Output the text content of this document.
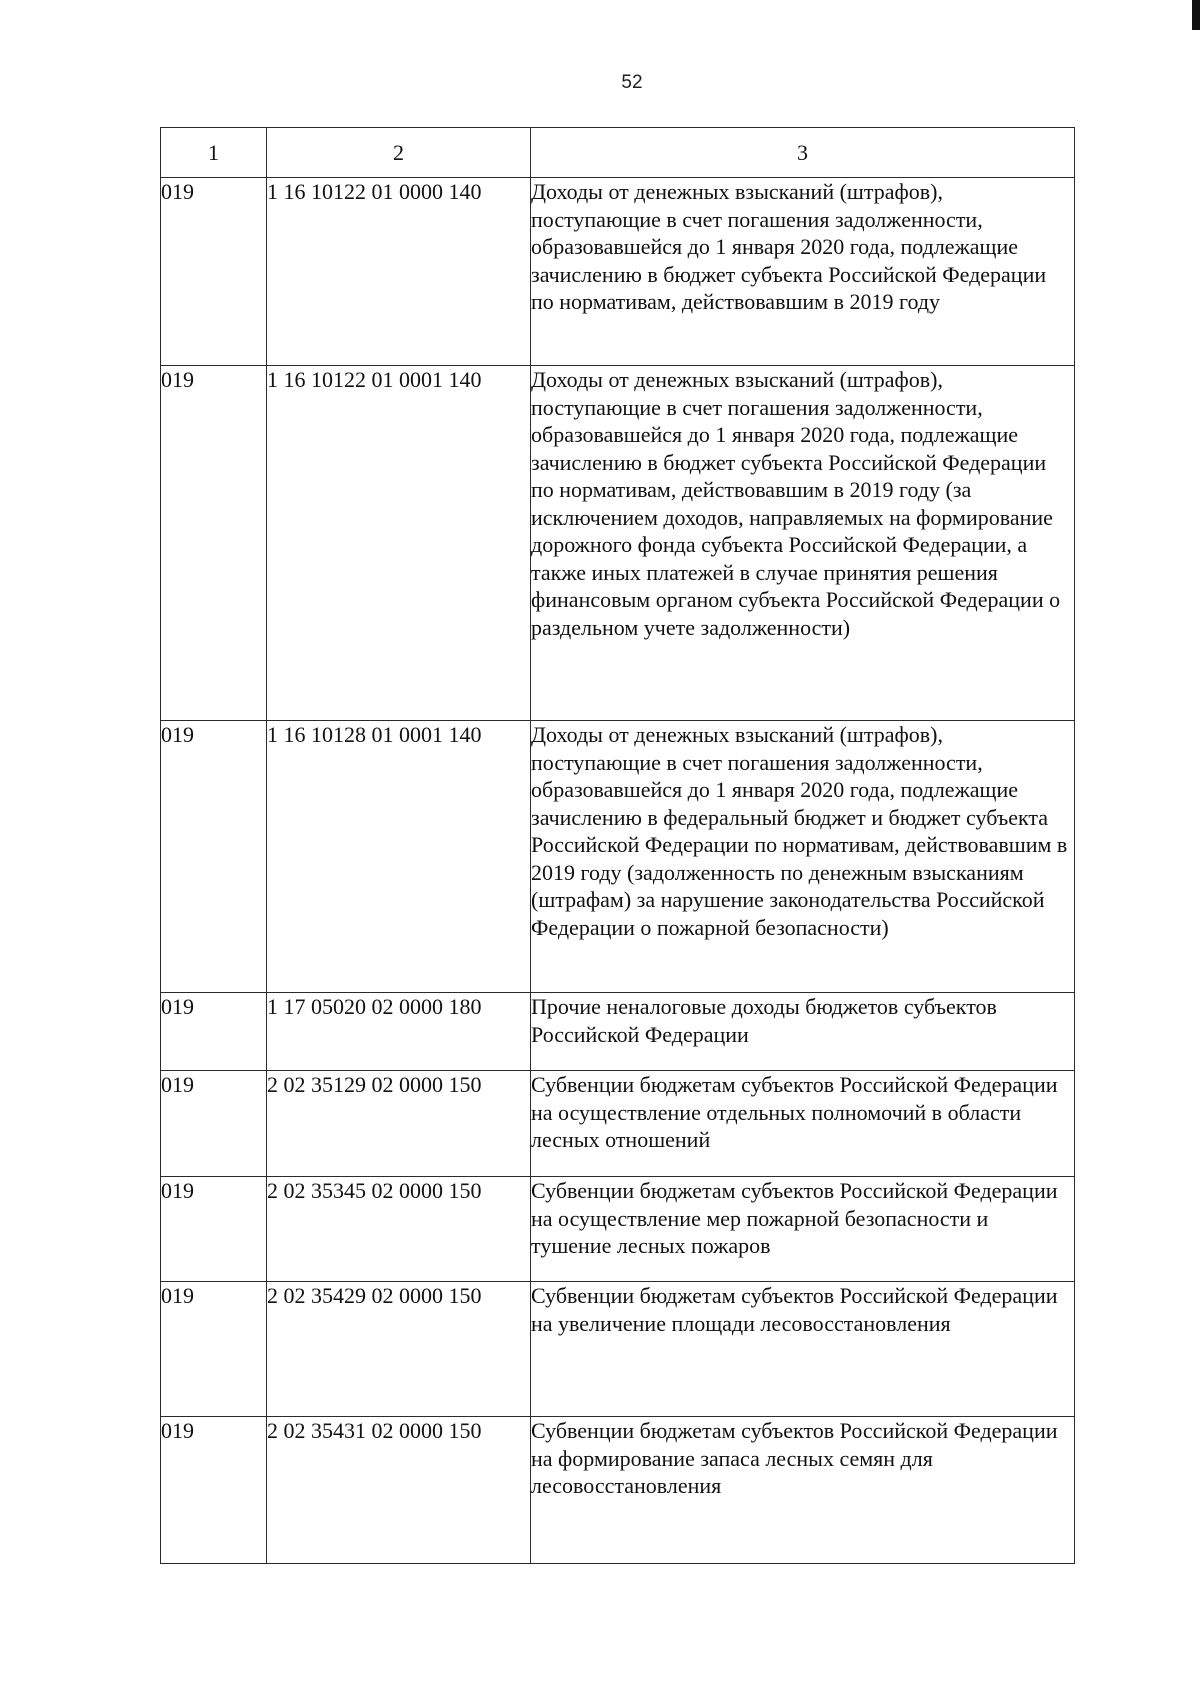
52
1	2	3
019	1 16 10122 01 0000 140	Доходы от денежных взысканий (штрафов), поступающие в счет погашения задолженности, образовавшейся до 1 января 2020 года, подлежащие зачислению в бюджет субъекта Российской Федерации по нормативам, действовавшим в 2019 году
019	1 16 10122 01 0001 140	Доходы от денежных взысканий (штрафов), поступающие в счет погашения задолженности, образовавшейся до 1 января 2020 года, подлежащие зачислению в бюджет субъекта Российской Федерации по нормативам, действовавшим в 2019 году (за исключением доходов, направляемых на формирование дорожного фонда субъекта Российской Федерации, а также иных платежей в случае принятия решения финансовым органом субъекта Российской Федерации о раздельном учете задолженности)
019	1 16 10128 01 0001 140	Доходы от денежных взысканий (штрафов), поступающие в счет погашения задолженности, образовавшейся до 1 января 2020 года, подлежащие зачислению в федеральный бюджет и бюджет субъекта Российской Федерации по нормативам, действовавшим в 2019 году (задолженность по денежным взысканиям (штрафам) за нарушение законодательства Российской Федерации о пожарной безопасности)
019	1 17 05020 02 0000 180	Прочие неналоговые доходы бюджетов субъектов Российской Федерации
019	2 02 35129 02 0000 150	Субвенции бюджетам субъектов Российской Федерации на осуществление отдельных полномочий в области лесных отношений
019	2 02 35345 02 0000 150	Субвенции бюджетам субъектов Российской Федерации на осуществление мер пожарной безопасности и тушение лесных пожаров
019	2 02 35429 02 0000 150	Субвенции бюджетам субъектов Российской Федерации на увеличение площади лесовосстановления
019	2 02 35431 02 0000 150	Субвенции бюджетам субъектов Российской Федерации на формирование запаса лесных семян для лесовосстановления
